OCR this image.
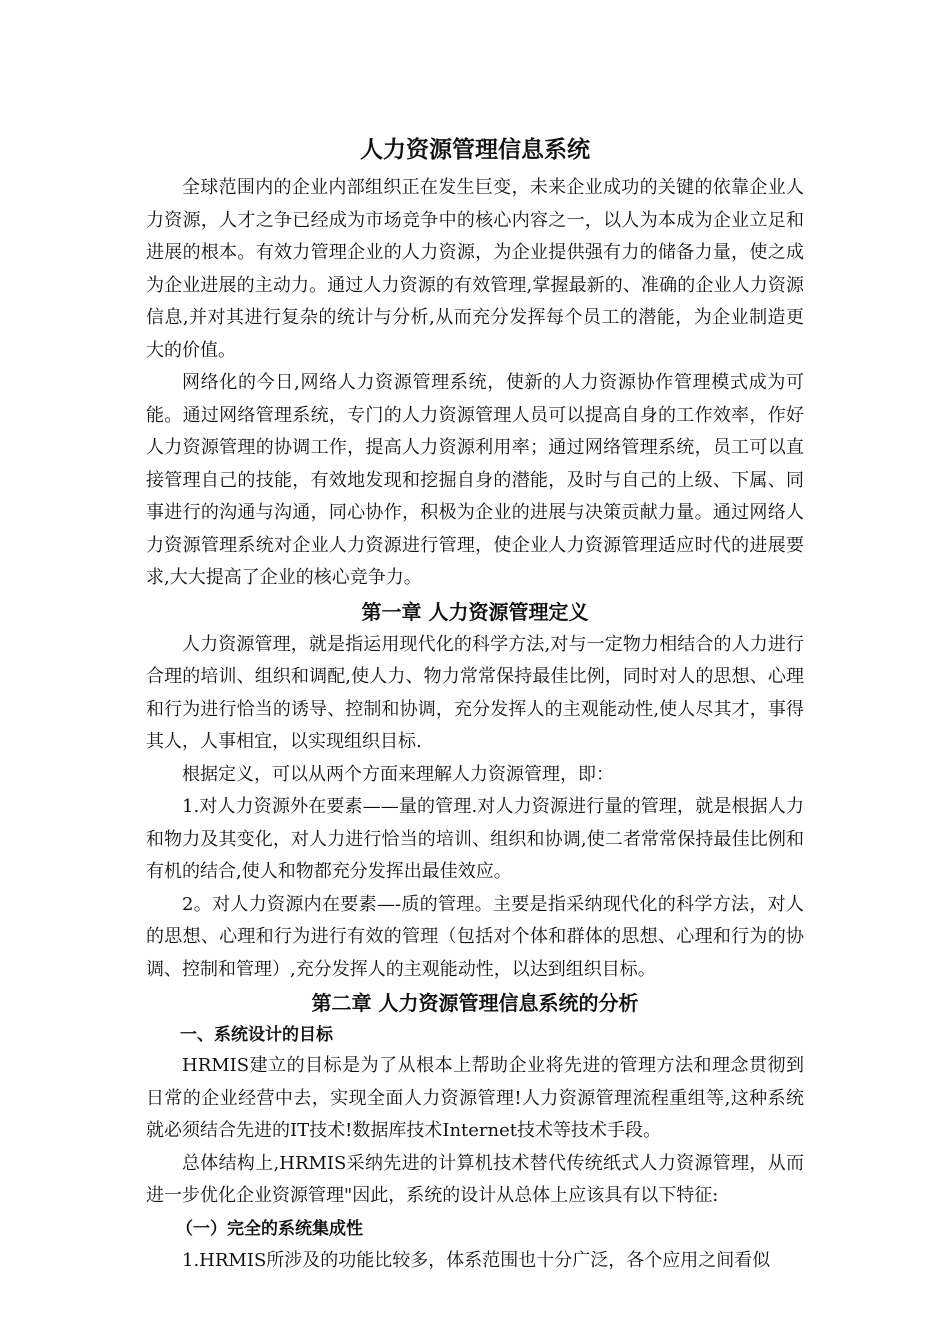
人力资源管理信息系统

全球范围内的企业内部组织正在发生巨变，未来企业成功的关键的依靠企业人力资源，人才之争已经成为市场竞争中的核心内容之一，以人为本成为企业立足和进展的根本。有效力管理企业的人力资源，为企业提供强有力的储备力量，使之成为企业进展的主动力。通过人力资源的有效管理,掌握最新的、准确的企业人力资源信息,并对其进行复杂的统计与分析,从而充分发挥每个员工的潜能，为企业制造更大的价值。

网络化的今日,网络人力资源管理系统，使新的人力资源协作管理模式成为可能。通过网络管理系统，专门的人力资源管理人员可以提高自身的工作效率，作好人力资源管理的协调工作，提高人力资源利用率；通过网络管理系统，员工可以直接管理自己的技能，有效地发现和挖掘自身的潜能，及时与自己的上级、下属、同事进行的沟通与沟通，同心协作，积极为企业的进展与决策贡献力量。通过网络人力资源管理系统对企业人力资源进行管理，使企业人力资源管理适应时代的进展要求,大大提高了企业的核心竞争力。

第一章 人力资源管理定义

人力资源管理，就是指运用现代化的科学方法,对与一定物力相结合的人力进行合理的培训、组织和调配,使人力、物力常常保持最佳比例，同时对人的思想、心理和行为进行恰当的诱导、控制和协调，充分发挥人的主观能动性,使人尽其才，事得其人，人事相宜，以实现组织目标.

根据定义，可以从两个方面来理解人力资源管理，即：

1.对人力资源外在要素——量的管理.对人力资源进行量的管理，就是根据人力和物力及其变化，对人力进行恰当的培训、组织和协调,使二者常常保持最佳比例和有机的结合,使人和物都充分发挥出最佳效应。

2。对人力资源内在要素—-质的管理。主要是指采纳现代化的科学方法，对人的思想、心理和行为进行有效的管理（包括对个体和群体的思想、心理和行为的协调、控制和管理）,充分发挥人的主观能动性，以达到组织目标。

第二章 人力资源管理信息系统的分析
一、系统设计的目标

HRMIS建立的目标是为了从根本上帮助企业将先进的管理方法和理念贯彻到日常的企业经营中去，实现全面人力资源管理!人力资源管理流程重组等,这种系统就必须结合先进的IT技术!数据库技术Internet技术等技术手段。

总体结构上,HRMIS采纳先进的计算机技术替代传统纸式人力资源管理，从而进一步优化企业资源管理"因此，系统的设计从总体上应该具有以下特征:

（一）完全的系统集成性

1.HRMIS所涉及的功能比较多，体系范围也十分广泛，各个应用之间看似
